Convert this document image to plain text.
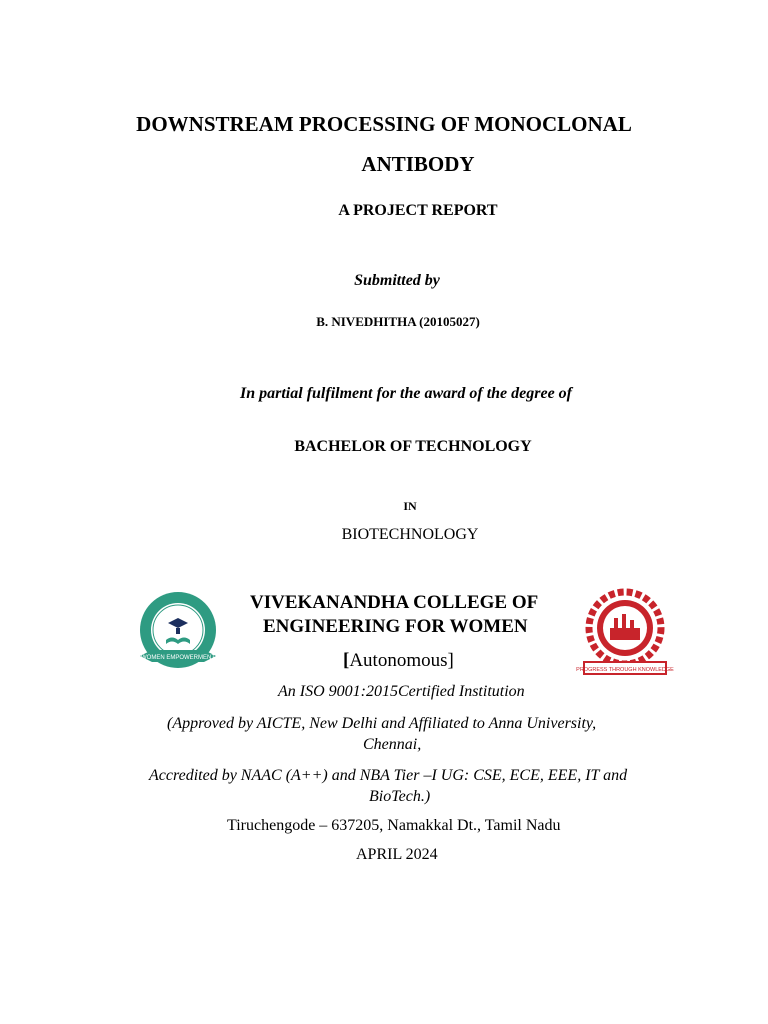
DOWNSTREAM PROCESSING OF MONOCLONAL
ANTIBODY
A PROJECT REPORT
Submitted by
B. NIVEDHITHA (20105027)
In partial fulfilment for the award of the degree of
BACHELOR OF TECHNOLOGY
IN
BIOTECHNOLOGY
WOMEN EMPOWERMENT
PROGRESS THROUGH KNOWLEDGE
VIVEKANANDHA COLLEGE OF
ENGINEERING FOR WOMEN
[Autonomous]
An ISO 9001:2015Certified Institution
(Approved by AICTE, New Delhi and Affiliated to Anna University,
Chennai,
Accredited by NAAC (A++) and NBA Tier –I UG: CSE, ECE, EEE, IT and
BioTech.)
Tiruchengode – 637205, Namakkal Dt., Tamil Nadu
APRIL 2024
